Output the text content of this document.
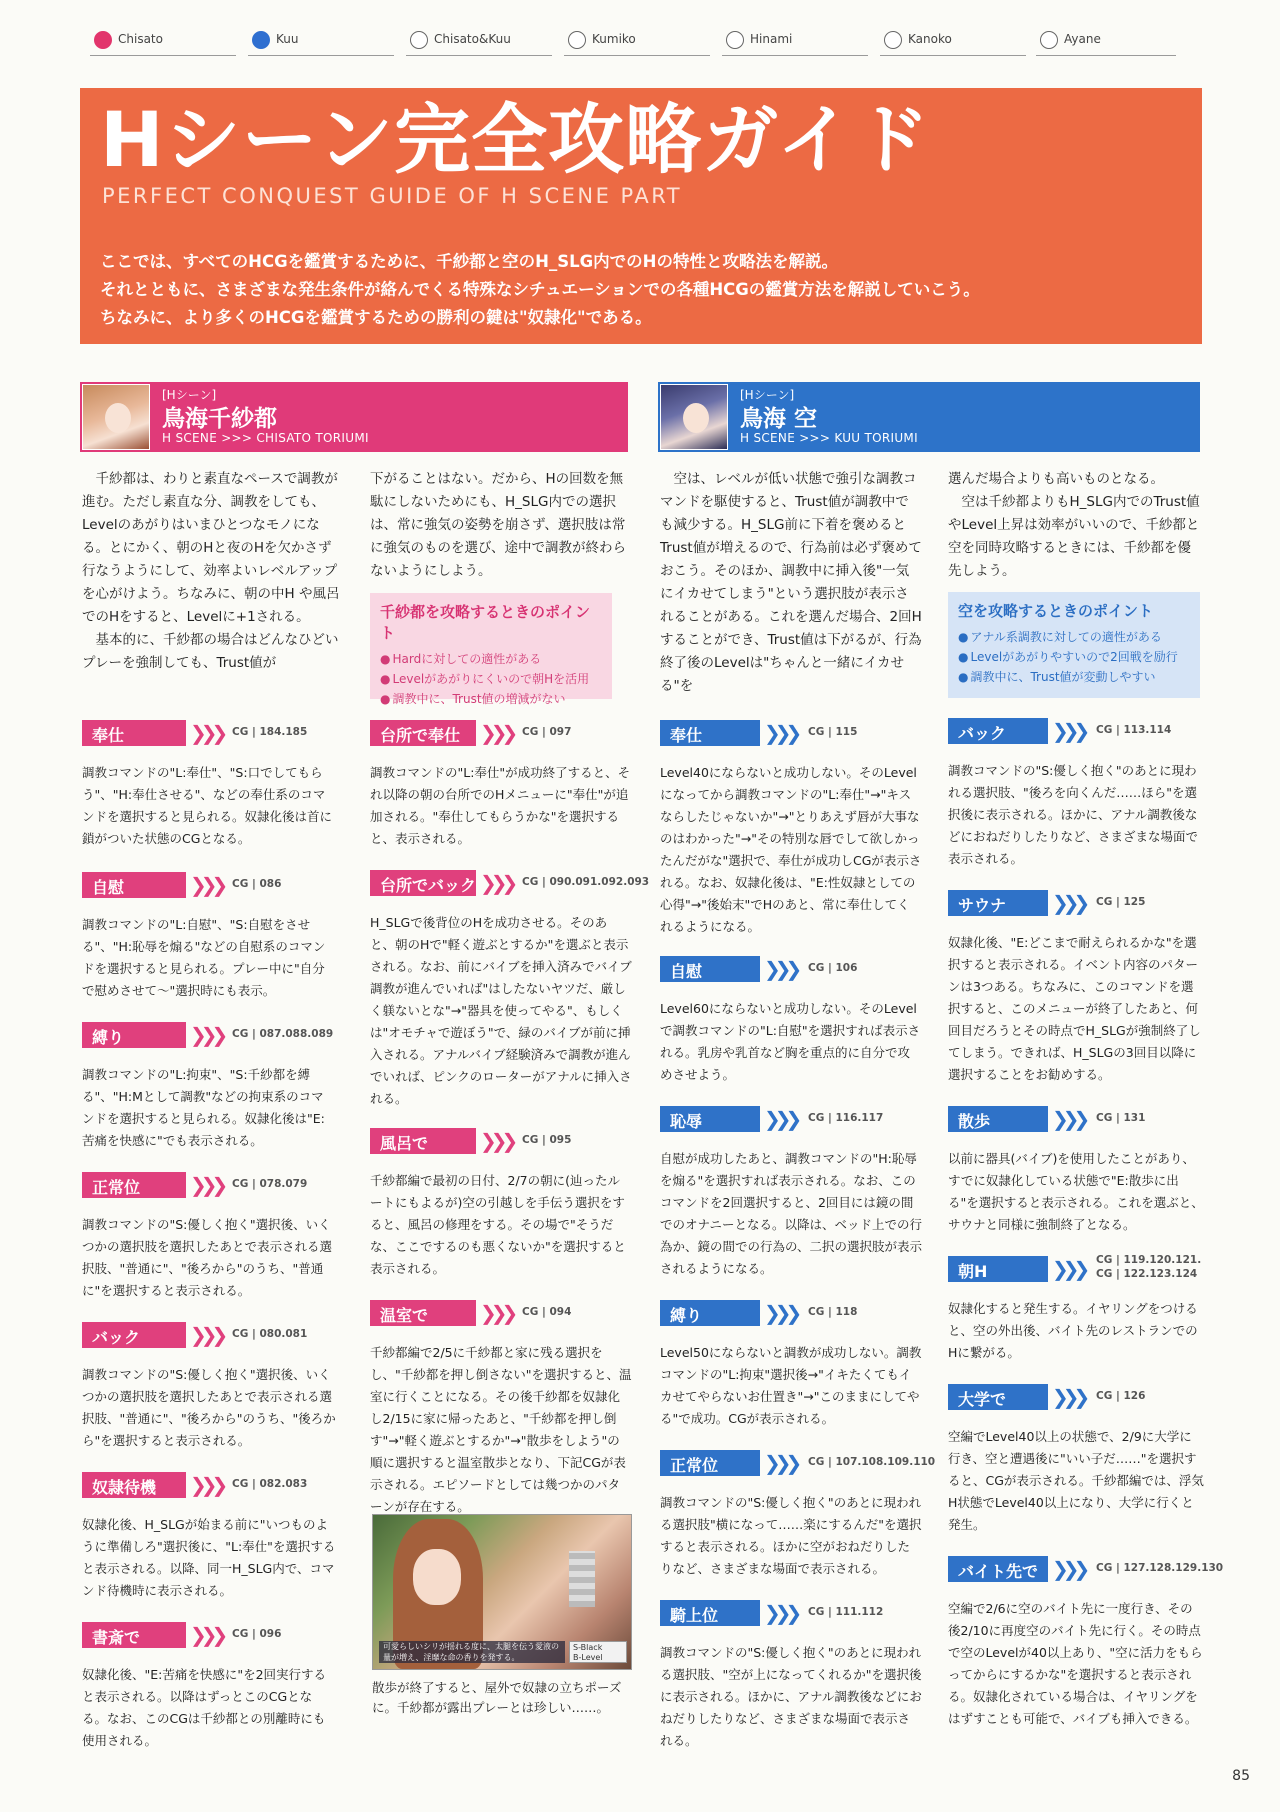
Chisato	Kuu	Chisato&Kuu	Kumiko	Hinami	Kanoko	Ayane
Hシーン完全攻略ガイド
PERFECT CONQUEST GUIDE OF H SCENE PART

ここでは、すべてのHCGを鑑賞するために、千紗都と空のH_SLG内でのHの特性と攻略法を解説。

それとともに、さまざまな発生条件が絡んでくる特殊なシチュエーションでの各種HCGの鑑賞方法を解説していこう。

ちなみに、より多くのHCGを鑑賞するための勝利の鍵は"奴隷化"である。

[Hシーン]
鳥海千紗都
H SCENE >>> CHISATO TORIUMI
[Hシーン]
鳥海 空
H SCENE >>> KUU TORIUMI

千紗都は、わりと素直なペースで調教が進む。ただし素直な分、調教をしても、Levelのあがりはいまひとつなモノになる。とにかく、朝のHと夜のHを欠かさず行なうようにして、効率よいレベルアップを心がけよう。ちなみに、朝の中H や風呂でのHをすると、Levelに+1される。

基本的に、千紗都の場合はどんなひどいプレーを強制しても、Trust値が

下がることはない。だから、Hの回数を無駄にしないためにも、H_SLG内での選択は、常に強気の姿勢を崩さず、選択肢は常に強気のものを選び、途中で調教が終わらないようにしよう。

千紗都を攻略するときのポイント
● Hardに対しての適性がある
● Levelがあがりにくいので朝Hを活用
● 調教中に、Trust値の増減がない

空は、レベルが低い状態で強引な調教コマンドを駆使すると、Trust値が調教中でも減少する。H_SLG前に下着を褒めるとTrust値が増えるので、行為前は必ず褒めておこう。そのほか、調教中に挿入後"一気にイカせてしまう"という選択肢が表示されることがある。これを選んだ場合、2回Hすることができ、Trust値は下がるが、行為終了後のLevelは"ちゃんと一緒にイカせる"を

選んだ場合よりも高いものとなる。

空は千紗都よりもH_SLG内でのTrust値やLevel上昇は効率がいいので、千紗都と空を同時攻略するときには、千紗都を優先しよう。

空を攻略するときのポイント
● アナル系調教に対しての適性がある
● Levelがあがりやすいので2回戦を励行
● 調教中に、Trust値が変動しやすい
奉仕	❯❯❯ CG | 184.185
調教コマンドの"L:奉仕"、"S:口でしてもらう"、"H:奉仕させる"、などの奉仕系のコマンドを選択すると見られる。奴隷化後は首に鎖がついた状態のCGとなる。
自慰	❯❯❯ CG | 086
調教コマンドの"L:自慰"、"S:自慰をさせる"、"H:恥辱を煽る"などの自慰系のコマンドを選択すると見られる。プレー中に"自分で慰めさせて〜"選択時にも表示。
縛り	❯❯❯ CG | 087.088.089
調教コマンドの"L:拘束"、"S:千紗都を縛る"、"H:Mとして調教"などの拘束系のコマンドを選択すると見られる。奴隷化後は"E:苦痛を快感に"でも表示される。
正常位	❯❯❯ CG | 078.079
調教コマンドの"S:優しく抱く"選択後、いくつかの選択肢を選択したあとで表示される選択肢、"普通に"、"後ろから"のうち、"普通に"を選択すると表示される。
バック	❯❯❯ CG | 080.081
調教コマンドの"S:優しく抱く"選択後、いくつかの選択肢を選択したあとで表示される選択肢、"普通に"、"後ろから"のうち、"後ろから"を選択すると表示される。
奴隷待機	❯❯❯ CG | 082.083
奴隷化後、H_SLGが始まる前に"いつものように準備しろ"選択後に、"L:奉仕"を選択すると表示される。以降、同一H_SLG内で、コマンド待機時に表示される。
書斎で	❯❯❯ CG | 096
奴隷化後、"E:苦痛を快感に"を2回実行すると表示される。以降はずっとこのCGとなる。なお、このCGは千紗都との別離時にも使用される。
台所で奉仕 ❯❯❯ CG | 097
調教コマンドの"L:奉仕"が成功終了すると、それ以降の朝の台所でのHメニューに"奉仕"が追加される。"奉仕してもらうかな"を選択すると、表示される。
台所でバック ❯❯❯ CG | 090.091.092.093
H_SLGで後背位のHを成功させる。そのあと、朝のHで"軽く遊ぶとするか"を選ぶと表示される。なお、前にバイブを挿入済みでバイブ調教が進んでいれば"はしたないヤツだ、厳しく躾ないとな"→"器具を使ってやる"、もしくは"オモチャで遊ぼう"で、緑のバイブが前に挿入される。アナルバイブ経験済みで調教が進んでいれば、ピンクのローターがアナルに挿入される。
風呂で	❯❯❯ CG | 095
千紗都編で最初の日付、2/7の朝に(辿ったルートにもよるが)空の引越しを手伝う選択をすると、風呂の修理をする。その場で"そうだな、ここでするのも悪くないか"を選択すると表示される。
温室で	❯❯❯ CG | 094
千紗都編で2/5に千紗都と家に残る選択をし、"千紗都を押し倒さない"を選択すると、温室に行くことになる。その後千紗都を奴隷化し2/15に家に帰ったあと、"千紗都を押し倒す"→"軽く遊ぶとするか"→"散歩をしよう"の順に選択すると温室散歩となり、下記CGが表示される。エピソードとしては幾つかのパターンが存在する。
可愛らしいシリが揺れる度に、太腿を伝う愛液の量が増え、淫靡な命の香りを発する。
S-Black
B-Level
散歩が終了すると、屋外で奴隷の立ちポーズに。千紗都が露出プレーとは珍しい……。
奉仕	❯❯❯ CG | 115
Level40にならないと成功しない。そのLevelになってから調教コマンドの"L:奉仕"→"キスならしたじゃないか"→"とりあえず唇が大事なのはわかった"→"その特別な唇でして欲しかったんだがな"選択で、奉仕が成功しCGが表示される。なお、奴隷化後は、"E:性奴隷としての心得"→"後始末"でHのあと、常に奉仕してくれるようになる。
自慰	❯❯❯ CG | 106
Level60にならないと成功しない。そのLevelで調教コマンドの"L:自慰"を選択すれば表示される。乳房や乳首など胸を重点的に自分で攻めさせよう。
恥辱	❯❯❯ CG | 116.117
自慰が成功したあと、調教コマンドの"H:恥辱を煽る"を選択すれば表示される。なお、このコマンドを2回選択すると、2回目には鏡の間でのオナニーとなる。以降は、ベッド上での行為か、鏡の間での行為の、二択の選択肢が表示されるようになる。
縛り	❯❯❯ CG | 118
Level50にならないと調教が成功しない。調教コマンドの"L:拘束"選択後→"イキたくてもイカせてやらないお仕置き"→"このままにしてやる"で成功。CGが表示される。
正常位	❯❯❯ CG | 107.108.109.110
調教コマンドの"S:優しく抱く"のあとに現われる選択肢"横になって……楽にするんだ"を選択すると表示される。ほかに空がおねだりしたりなど、さまざまな場面で表示される。
騎上位	❯❯❯ CG | 111.112
調教コマンドの"S:優しく抱く"のあとに現われる選択肢、"空が上になってくれるか"を選択後に表示される。ほかに、アナル調教後などにおねだりしたりなど、さまざまな場面で表示される。
バック	❯❯❯ CG | 113.114
調教コマンドの"S:優しく抱く"のあとに現われる選択肢、"後ろを向くんだ……ほら"を選択後に表示される。ほかに、アナル調教後などにおねだりしたりなど、さまざまな場面で表示される。
サウナ	❯❯❯ CG | 125
奴隷化後、"E:どこまで耐えられるかな"を選択すると表示される。イベント内容のパターンは3つある。ちなみに、このコマンドを選択すると、このメニューが終了したあと、何回目だろうとその時点でH_SLGが強制終了してしまう。できれば、H_SLGの3回目以降に選択することをお勧めする。
散歩	❯❯❯ CG | 131
以前に器具(バイブ)を使用したことがあり、すでに奴隷化している状態で"E:散歩に出る"を選択すると表示される。これを選ぶと、サウナと同様に強制終了となる。
朝H	❯❯❯ CG | 119.120.121.
CG | 122.123.124
奴隷化すると発生する。イヤリングをつけると、空の外出後、バイト先のレストランでのHに繋がる。
大学で	❯❯❯ CG | 126
空編でLevel40以上の状態で、2/9に大学に行き、空と遭遇後に"いい子だ……"を選択すると、CGが表示される。千紗都編では、浮気H状態でLevel40以上になり、大学に行くと発生。
バイト先で ❯❯❯ CG | 127.128.129.130
空編で2/6に空のバイト先に一度行き、その後2/10に再度空のバイト先に行く。その時点で空のLevelが40以上あり、"空に活力をもらってからにするかな"を選択すると表示される。奴隷化されている場合は、イヤリングをはずすことも可能で、バイブも挿入できる。
85
